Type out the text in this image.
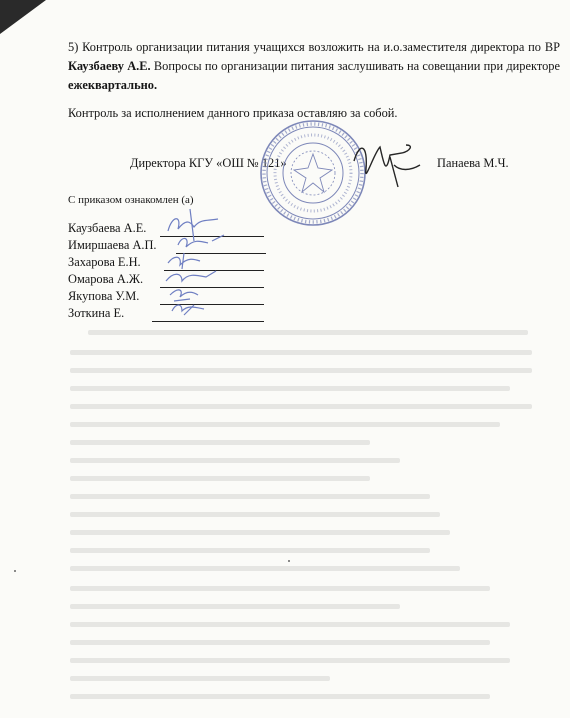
5) Контроль организации питания учащихся возложить на и.о.заместителя директора по ВР Каузбаеву А.Е. Вопросы по организации питания заслушивать на совещании при директоре ежеквартально.
Контроль за исполнением данного приказа оставляю за собой.
Директора КГУ «ОШ № 121»	Панаева М.Ч.
С приказом ознакомлен (а)
Каузбаева А.Е.
Имиршаева А.П.
Захарова Е.Н.
Омарова А.Ж.
Якупова У.М.
Зоткина Е.
